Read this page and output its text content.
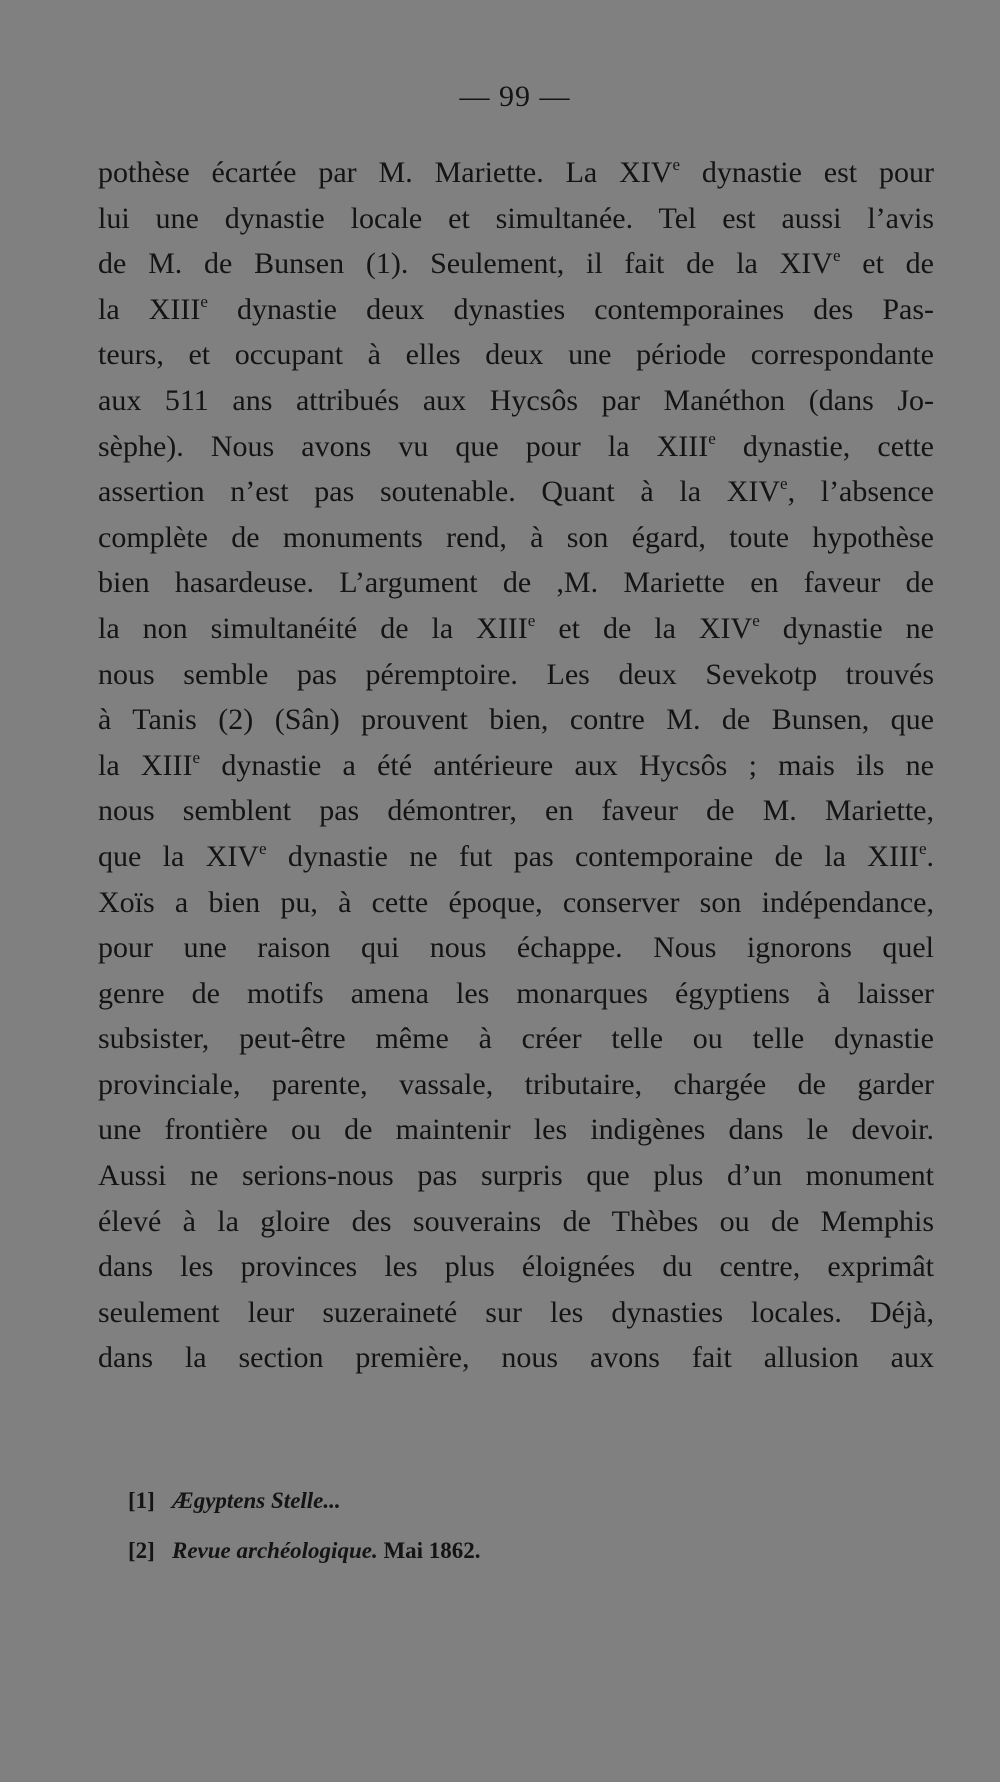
— 99 —
pothèse écartée par M. Mariette. La XIVe dynastie est pour
lui une dynastie locale et simultanée. Tel est aussi l’avis
de M. de Bunsen (1). Seulement, il fait de la XIVe et de
la XIIIe dynastie deux dynasties contemporaines des Pas-
teurs, et occupant à elles deux une période correspondante
aux 511 ans attribués aux Hycsôs par Manéthon (dans Jo-
sèphe). Nous avons vu que pour la XIIIe dynastie, cette
assertion n’est pas soutenable. Quant à la XIVe, l’absence
complète de monuments rend, à son égard, toute hypothèse
bien hasardeuse. L’argument de ,M. Mariette en faveur de
la non simultanéité de la XIIIe et de la XIVe dynastie ne
nous semble pas péremptoire. Les deux Sevekotp trouvés
à Tanis (2) (Sân) prouvent bien, contre M. de Bunsen, que
la XIIIe dynastie a été antérieure aux Hycsôs ; mais ils ne
nous semblent pas démontrer, en faveur de M. Mariette,
que la XIVe dynastie ne fut pas contemporaine de la XIIIe.
Xoïs a bien pu, à cette époque, conserver son indépendance,
pour une raison qui nous échappe. Nous ignorons quel
genre de motifs amena les monarques égyptiens à laisser
subsister, peut-être même à créer telle ou telle dynastie
provinciale, parente, vassale, tributaire, chargée de garder
une frontière ou de maintenir les indigènes dans le devoir.
Aussi ne serions-nous pas surpris que plus d’un monument
élevé à la gloire des souverains de Thèbes ou de Memphis
dans les provinces les plus éloignées du centre, exprimât
seulement leur suzeraineté sur les dynasties locales. Déjà,
dans la section première, nous avons fait allusion aux
[1] Ægyptens Stelle...
[2] Revue archéologique. Mai 1862.
